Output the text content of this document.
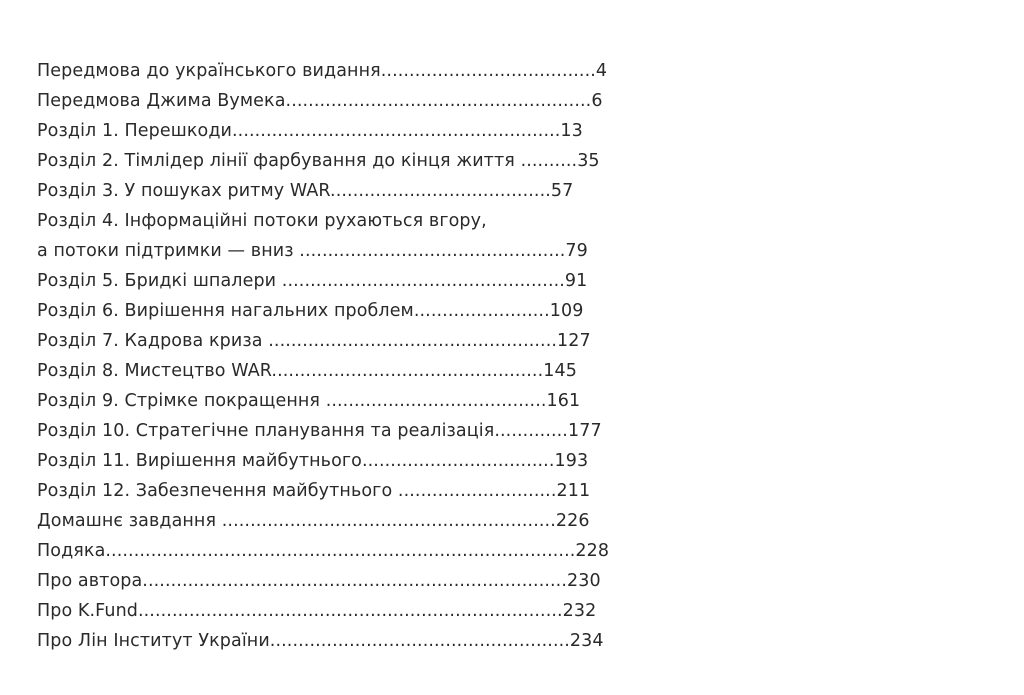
Передмова до українського видання......................................4
Передмова Джима Вумека......................................................6
Розділ 1. Перешкоди..........................................................13
Розділ 2. Тімлідер лінії фарбування до кінця життя ..........35
Розділ 3. У пошуках ритму WAR.......................................57
Розділ 4. Інформаційні потоки рухаються вгору,
а потоки підтримки — вниз ...............................................79
Розділ 5. Бридкі шпалери ..................................................91
Розділ 6. Вирішення нагальних проблем........................109
Розділ 7. Кадрова криза ...................................................127
Розділ 8. Мистецтво WAR................................................145
Розділ 9. Стрімке покращення .......................................161
Розділ 10. Стратегічне планування та реалізація.............177
Розділ 11. Вирішення майбутнього..................................193
Розділ 12. Забезпечення майбутнього ............................211
Домашнє завдання ...........................................................226
Подяка...................................................................................228
Про автора...........................................................................230
Про K.Fund...........................................................................232
Про Лін Інститут України.....................................................234
